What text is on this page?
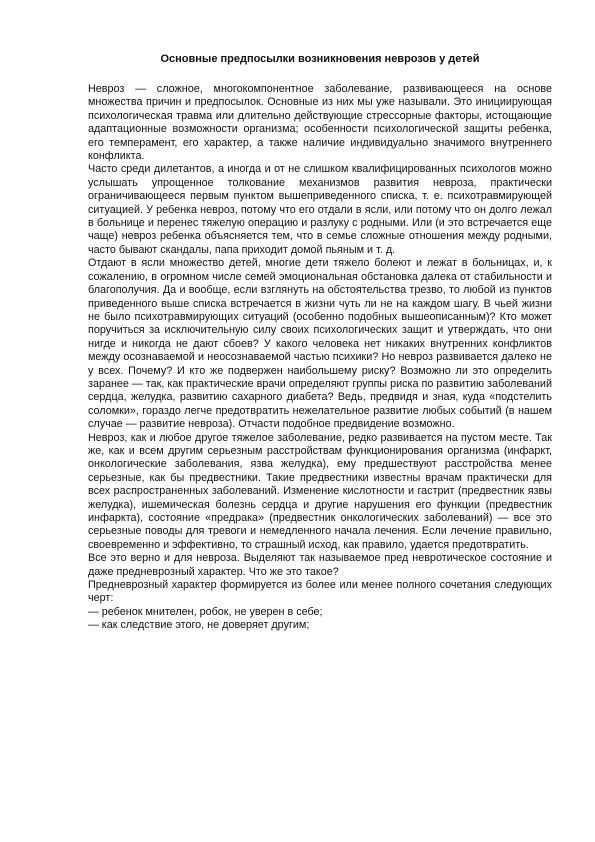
Основные предпосылки возникновения неврозов у детей

Невроз — сложное, многокомпонентное заболевание, развивающееся на основе множества причин и предпосылок. Основные из них мы уже называли. Это инициирующая психологическая травма или длительно действующие стрессорные факторы, истощающие адаптационные возможности организма; особенности психологической защиты ребенка, его темперамент, его характер, а также наличие индивидуально значимого внутреннего конфликта.

Часто среди дилетантов, а иногда и от не слишком квалифицированных психологов можно услышать упрощенное толкование механизмов развития невроза, практически ограничивающееся первым пунктом вышеприведенного списка, т. е. психотравмирующей ситуацией. У ребенка невроз, потому что его отдали в ясли, или потому что он долго лежал в больнице и перенес тяжелую операцию и разлуку с родными. Или (и это встречается еще чаще) невроз ребенка объясняется тем, что в семье сложные отношения между родными, часто бывают скандалы, папа приходит домой пьяным и т. д.

Отдают в ясли множество детей, многие дети тяжело болеют и лежат в больницах, и, к сожалению, в огромном числе семей эмоциональная обстановка далека от стабильности и благополучия. Да и вообще, если взглянуть на обстоятельства трезво, то любой из пунктов приведенного выше списка встречается в жизни чуть ли не на каждом шагу. В чьей жизни не было психотравмирующих ситуаций (особенно подобных вышеописанным)? Кто может поручиться за исключительную силу своих психологических защит и утверждать, что они нигде и никогда не дают сбоев? У какого человека нет никаких внутренних конфликтов между осознаваемой и неосознаваемой частью психики? Но невроз развивается далеко не у всех. Почему? И кто же подвержен наибольшему риску? Возможно ли это определить заранее — так, как практические врачи определяют группы риска по развитию заболеваний сердца, желудка, развитию сахарного диабета? Ведь, предвидя и зная, куда «подстелить соломки», гораздо легче предотвратить нежелательное развитие любых событий (в нашем случае — развитие невроза). Отчасти подобное предвидение возможно.

Невроз, как и любое другое тяжелое заболевание, редко развивается на пустом месте. Так же, как и всем другим серьезным расстройствам функционирования организма (инфаркт, онкологические заболевания, язва желудка), ему предшествуют расстройства менее серьезные, как бы предвестники. Такие предвестники известны врачам практически для всех распространенных заболеваний. Изменение кислотности и гастрит (предвестник язвы желудка), ишемическая болезнь сердца и другие нарушения его функции (предвестник инфаркта), состояние «предрака» (предвестник онкологических заболеваний) — все это серьезные поводы для тревоги и немедленного начала лечения. Если лечение правильно, своевременно и эффективно, то страшный исход, как правило, удается предотвратить.

Все это верно и для невроза. Выделяют так называемое пред невротическое состояние и даже предневрозный характер. Что же это такое?

Предневрозный характер формируется из более или менее полного сочетания следующих черт:

— ребенок мнителен, робок, не уверен в себе;

— как следствие этого, не доверяет другим;
